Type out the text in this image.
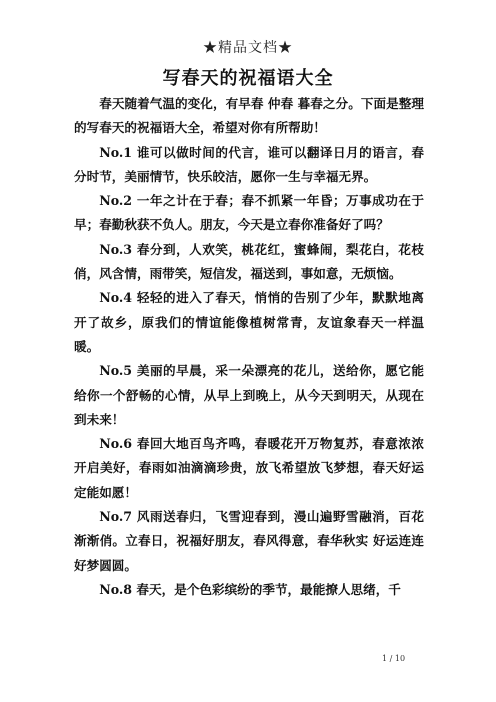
★精品文档★
写春天的祝福语大全

春天随着气温的变化，有早春 仲春 暮春之分。下面是整理的写春天的祝福语大全，希望对你有所帮助！

No.1 谁可以做时间的代言，谁可以翻译日月的语言，春分时节，美丽情节，快乐皎洁，愿你一生与幸福无界。

No.2 一年之计在于春；春不抓紧一年昏；万事成功在于早；春勤秋获不负人。朋友，今天是立春你准备好了吗？

No.3 春分到，人欢笑，桃花红，蜜蜂闹，梨花白，花枝俏，风含情，雨带笑，短信发，福送到，事如意，无烦恼。

No.4 轻轻的进入了春天，悄悄的告别了少年，默默地离开了故乡，原我们的情谊能像植树常青，友谊象春天一样温暖。

No.5 美丽的早晨，采一朵漂亮的花儿，送给你，愿它能给你一个舒畅的心情，从早上到晚上，从今天到明天，从现在到未来！

No.6 春回大地百鸟齐鸣，春暖花开万物复苏，春意浓浓开启美好，春雨如油滴滴珍贵，放飞希望放飞梦想，春天好运定能如愿！

No.7 风雨送春归，飞雪迎春到，漫山遍野雪融消，百花渐渐俏。立春日，祝福好朋友，春风得意，春华秋实 好运连连 好梦圆圆。

No.8 春天，是个色彩缤纷的季节，最能撩人思绪，千

1 / 10
